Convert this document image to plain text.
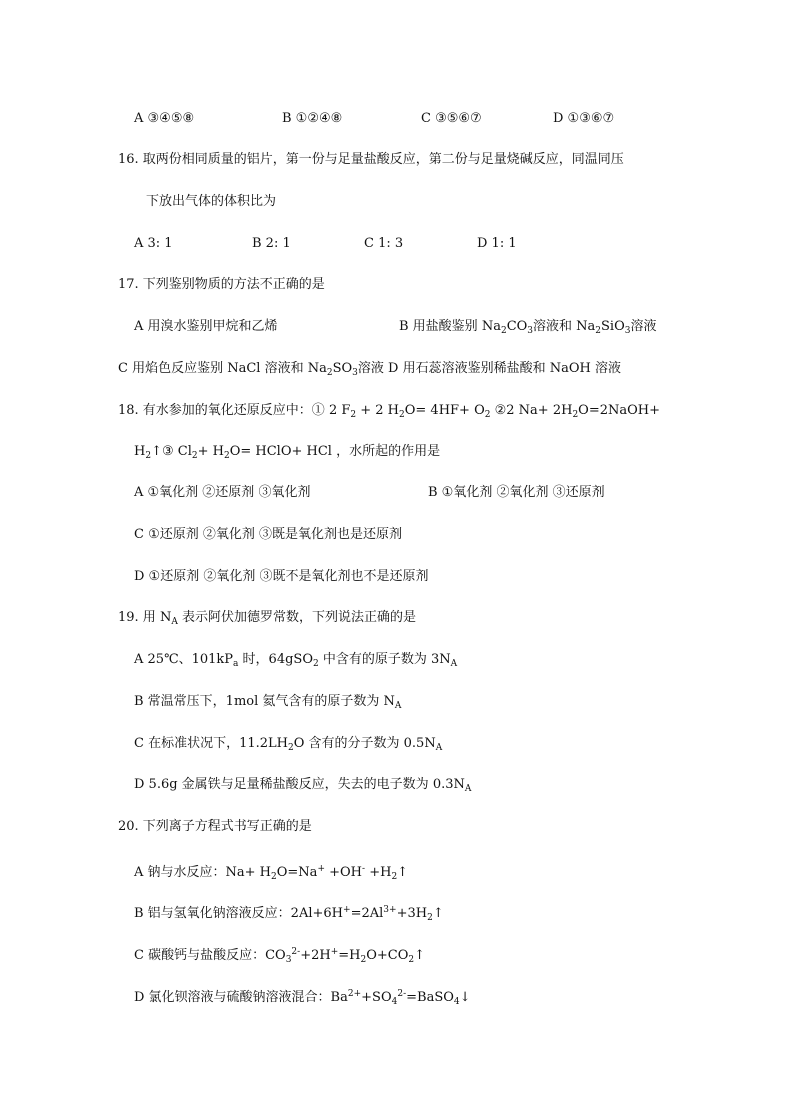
A ③④⑤⑧	B ①②④⑧	C ③⑤⑥⑦	D ①③⑥⑦
16. 取两份相同质量的铝片，第一份与足量盐酸反应，第二份与足量烧碱反应，同温同压
下放出气体的体积比为
A 3: 1	B 2: 1	C 1: 3	D 1: 1
17. 下列鉴别物质的方法不正确的是
A 用溴水鉴别甲烷和乙烯	B 用盐酸鉴别 $Na_2CO_3$溶液和 $Na_2SiO_3$溶液
C 用焰色反应鉴别 NaCl 溶液和 $Na_2SO_3$溶液 D 用石蕊溶液鉴别稀盐酸和 NaOH 溶液
18. 有水参加的氧化还原反应中：① 2 $F_2 + 2$ $H_2O= 4HF+ O_2$ ②2 $Na+ 2H_2O=2NaOH+$
$H_2↑③$ $Cl_2+ H_2O=$ HClO+ HCl ，水所起的作用是
A ①氧化剂 ②还原剂 ③氧化剂	B ①氧化剂 ②氧化剂 ③还原剂
C ①还原剂 ②氧化剂 ③既是氧化剂也是还原剂
D ①还原剂 ②氧化剂 ③既不是氧化剂也不是还原剂
19. 用 $N_A$ 表示阿伏加德罗常数，下列说法正确的是
A 25℃、$101kP_a$ 时，64gSO$_2$ 中含有的原子数为 $3N_A$
B 常温常压下，1mol 氦气含有的原子数为 $N_A$
C 在标准状况下，$11.2LH_2O$ 含有的分子数为 $0.5N_A$
D 5.6g 金属铁与足量稀盐酸反应，失去的电子数为 $0.3N_A$
20. 下列离子方程式书写正确的是
A 钠与水反应：$Na+ H_2O=Na^+ +OH^-$ $+H_2↑$
B 铝与氢氧化钠溶液反应：$2Al+6H^+=2Al^{3+}+3H_2↑$
C 碳酸钙与盐酸反应：$CO_3^{2-}+2H^+=H_2O+CO_2↑$
D 氯化钡溶液与硫酸钠溶液混合：$Ba^{2+}+SO_4^{2-}=BaSO_4↓$
